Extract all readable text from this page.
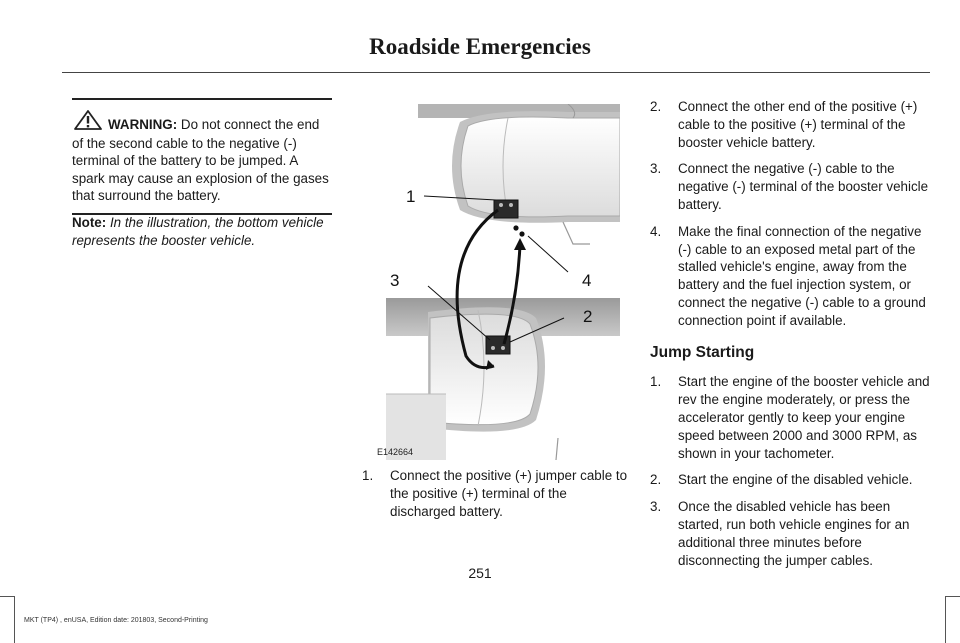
Roadside Emergencies
WARNING: Do not connect the end of the second cable to the negative (-) terminal of the battery to be jumped. A spark may cause an explosion of the gases that surround the battery.
Note: In the illustration, the bottom vehicle represents the booster vehicle.
1
2
3	4
E142664
1. Connect the positive (+) jumper cable to the positive (+) terminal of the discharged battery.
2. Connect the other end of the positive (+) cable to the positive (+) terminal of the booster vehicle battery.
3. Connect the negative (-) cable to the negative (-) terminal of the booster vehicle battery.
4. Make the final connection of the negative (-) cable to an exposed metal part of the stalled vehicle's engine, away from the battery and the fuel injection system, or connect the negative (-) cable to a ground connection point if available.
Jump Starting
1. Start the engine of the booster vehicle and rev the engine moderately, or press the accelerator gently to keep your engine speed between 2000 and 3000 RPM, as shown in your tachometer.
2. Start the engine of the disabled vehicle.
3. Once the disabled vehicle has been started, run both vehicle engines for an additional three minutes before disconnecting the jumper cables.
251
MKT (TP4) , enUSA, Edition date: 201803, Second-Printing
